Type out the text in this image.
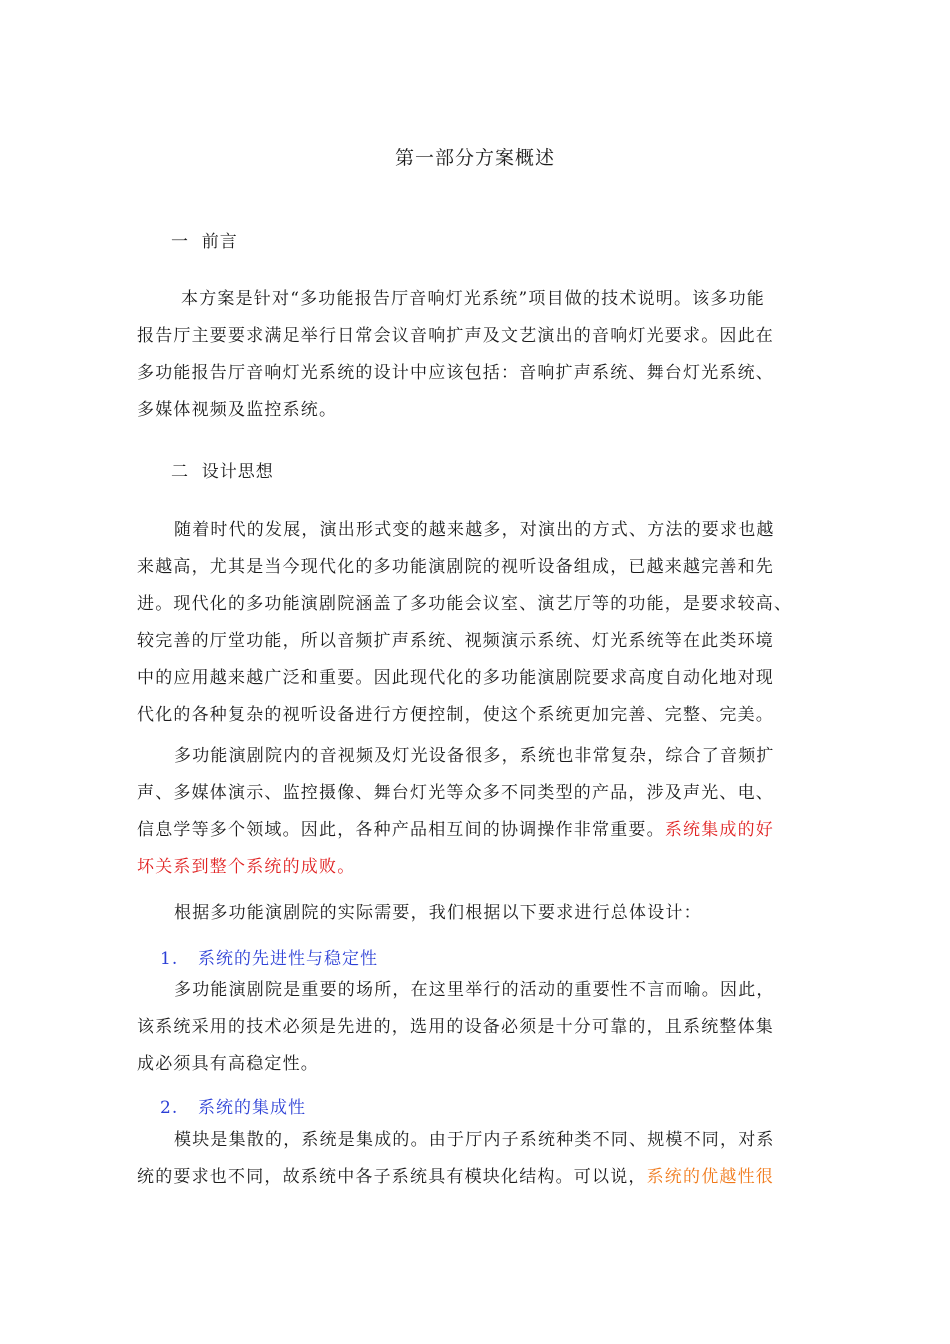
第一部分方案概述
一  前言
本方案是针对“多功能报告厅音响灯光系统”项目做的技术说明。该多功能
报告厅主要要求满足举行日常会议音响扩声及文艺演出的音响灯光要求。因此在
多功能报告厅音响灯光系统的设计中应该包括：音响扩声系统、舞台灯光系统、
多媒体视频及监控系统。
二  设计思想
随着时代的发展，演出形式变的越来越多，对演出的方式、方法的要求也越
来越高，尤其是当今现代化的多功能演剧院的视听设备组成，已越来越完善和先
进。现代化的多功能演剧院涵盖了多功能会议室、演艺厅等的功能，是要求较高、
较完善的厅堂功能，所以音频扩声系统、视频演示系统、灯光系统等在此类环境
中的应用越来越广泛和重要。因此现代化的多功能演剧院要求高度自动化地对现
代化的各种复杂的视听设备进行方便控制，使这个系统更加完善、完整、完美。
多功能演剧院内的音视频及灯光设备很多，系统也非常复杂，综合了音频扩
声、多媒体演示、监控摄像、舞台灯光等众多不同类型的产品，涉及声光、电、
信息学等多个领域。因此，各种产品相互间的协调操作非常重要。系统集成的好
坏关系到整个系统的成败。
根据多功能演剧院的实际需要，我们根据以下要求进行总体设计：
1. 系统的先进性与稳定性
多功能演剧院是重要的场所，在这里举行的活动的重要性不言而喻。因此，
该系统采用的技术必须是先进的，选用的设备必须是十分可靠的，且系统整体集
成必须具有高稳定性。
2. 系统的集成性
模块是集散的，系统是集成的。由于厅内子系统种类不同、规模不同，对系
统的要求也不同，故系统中各子系统具有模块化结构。可以说，系统的优越性很
